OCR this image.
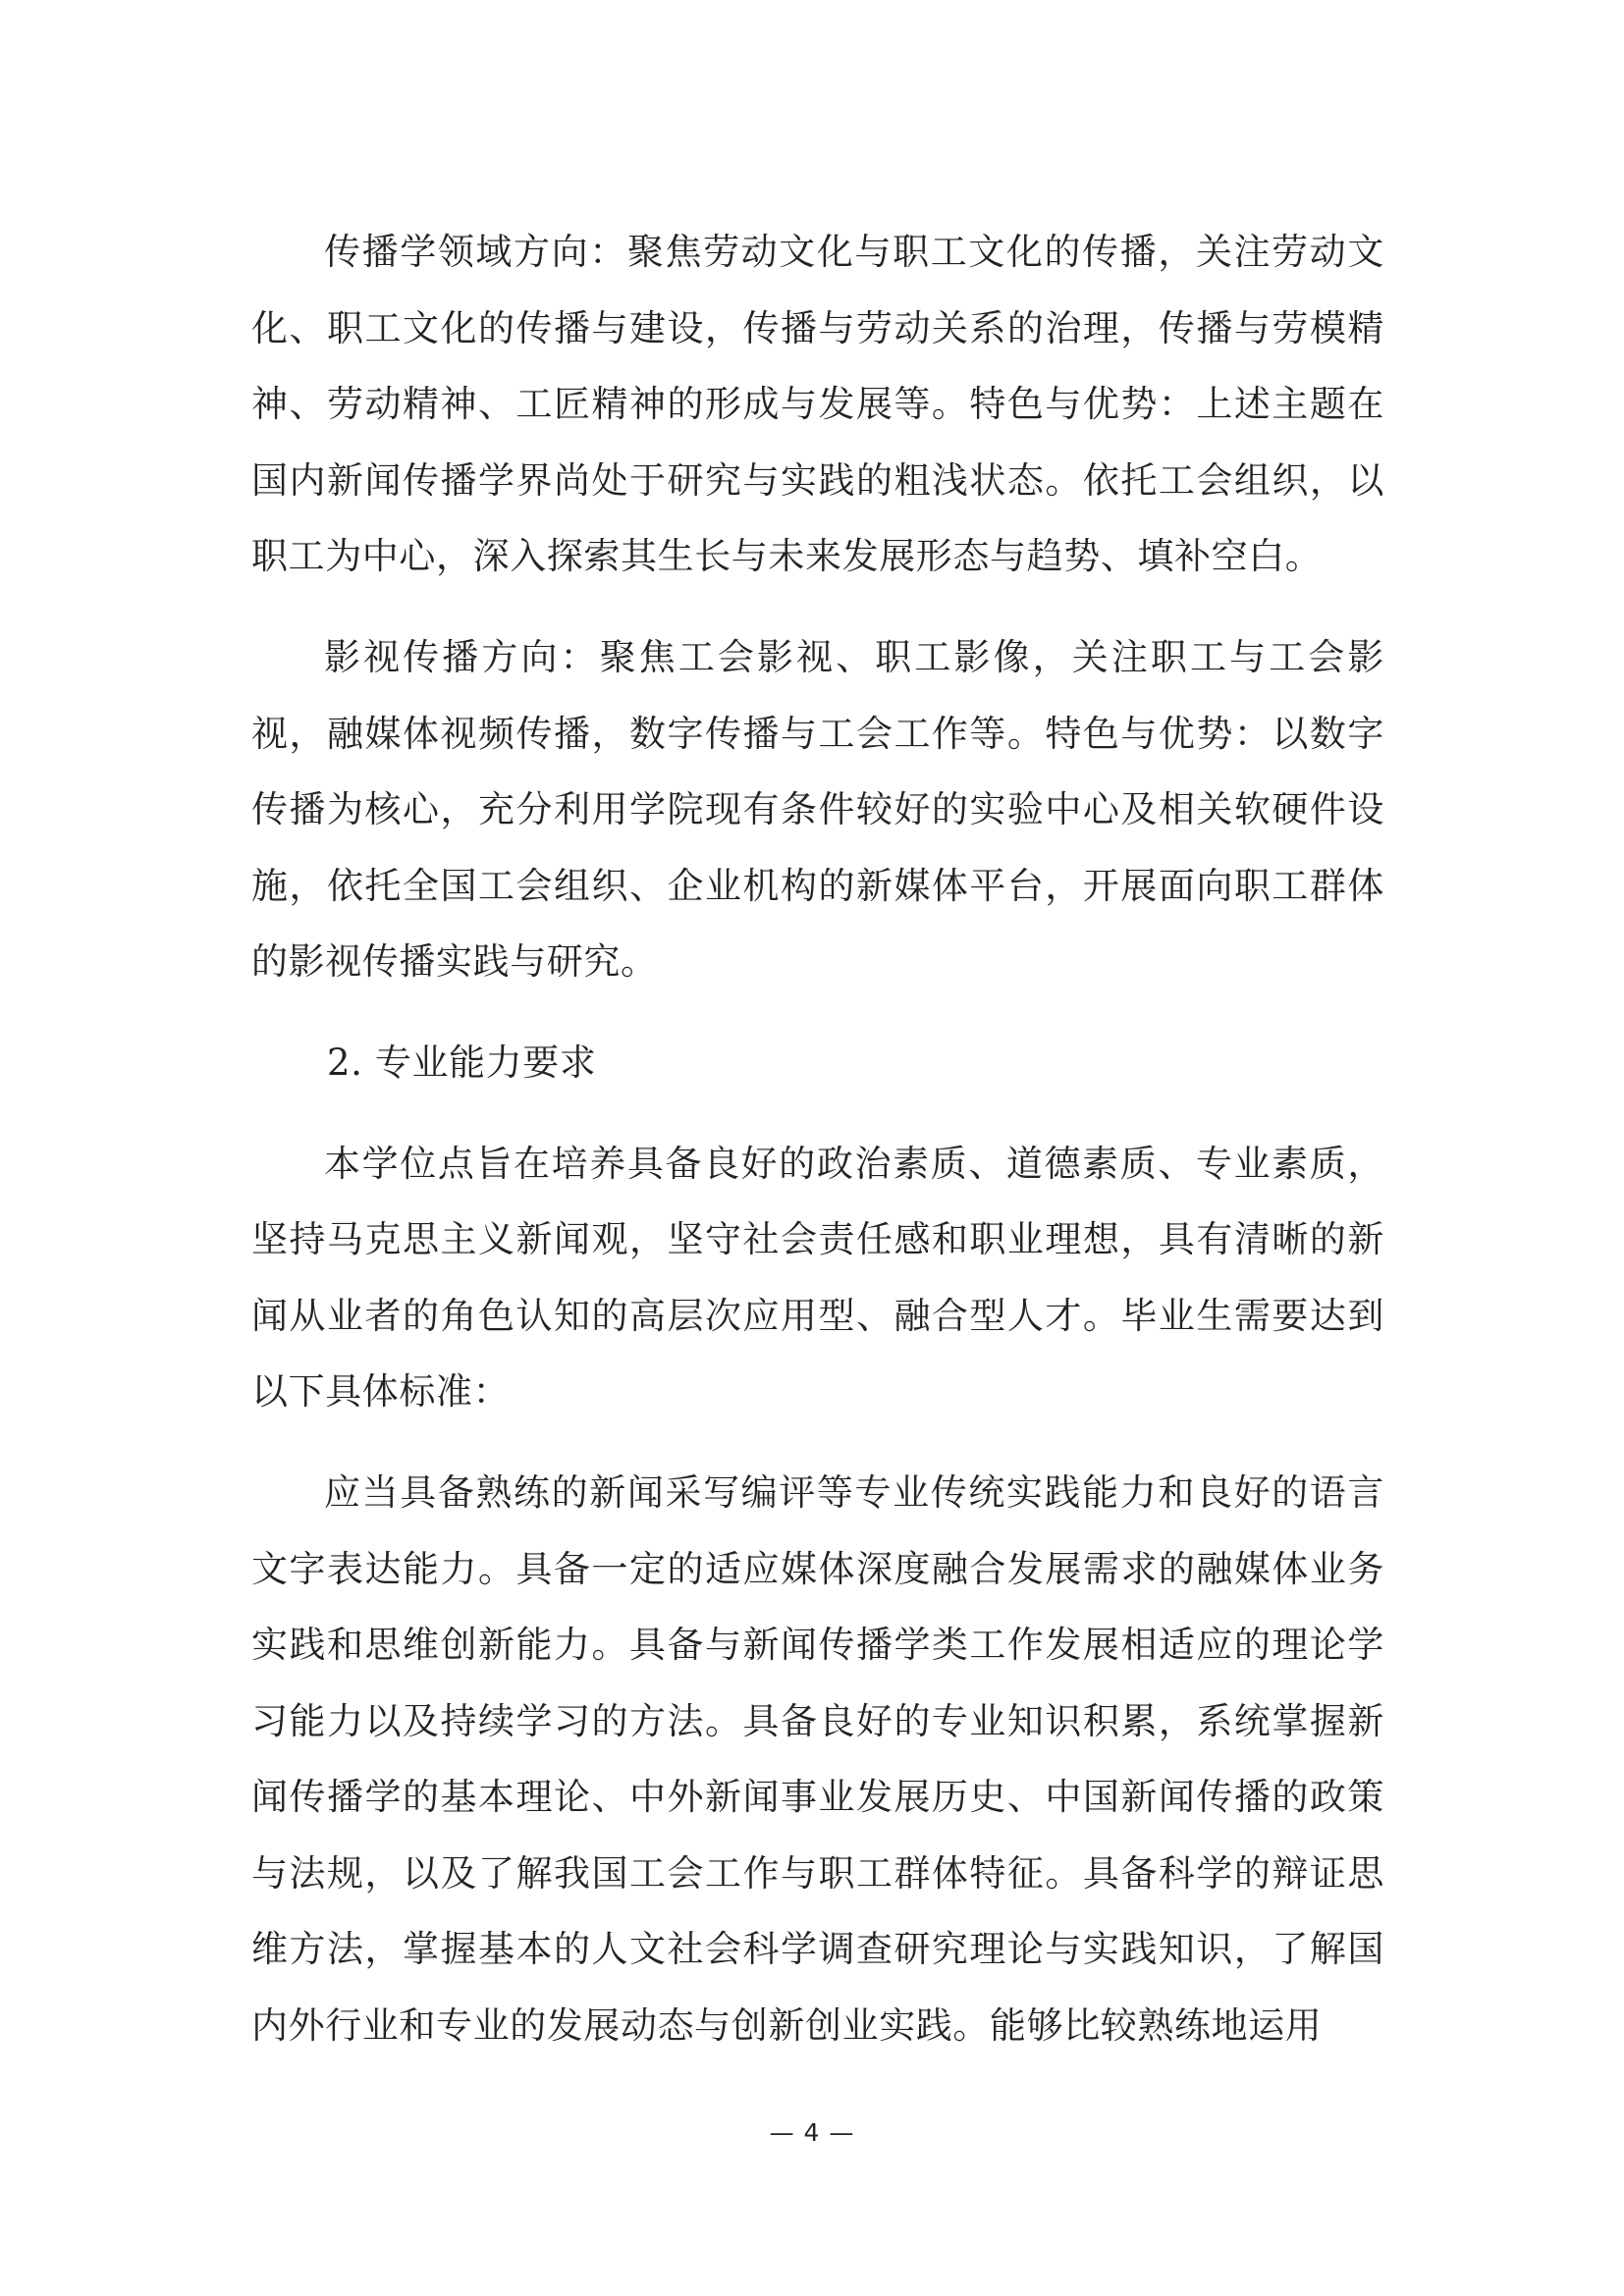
传播学领域方向：聚焦劳动文化与职工文化的传播，关注劳动文化、职工文化的传播与建设，传播与劳动关系的治理，传播与劳模精神、劳动精神、工匠精神的形成与发展等。特色与优势：上述主题在国内新闻传播学界尚处于研究与实践的粗浅状态。依托工会组织，以职工为中心，深入探索其生长与未来发展形态与趋势、填补空白。

影视传播方向：聚焦工会影视、职工影像，关注职工与工会影视，融媒体视频传播，数字传播与工会工作等。特色与优势：以数字传播为核心，充分利用学院现有条件较好的实验中心及相关软硬件设施，依托全国工会组织、企业机构的新媒体平台，开展面向职工群体的影视传播实践与研究。

2. 专业能力要求

本学位点旨在培养具备良好的政治素质、道德素质、专业素质，坚持马克思主义新闻观，坚守社会责任感和职业理想，具有清晰的新闻从业者的角色认知的高层次应用型、融合型人才。毕业生需要达到以下具体标准：

应当具备熟练的新闻采写编评等专业传统实践能力和良好的语言文字表达能力。具备一定的适应媒体深度融合发展需求的融媒体业务实践和思维创新能力。具备与新闻传播学类工作发展相适应的理论学习能力以及持续学习的方法。具备良好的专业知识积累，系统掌握新闻传播学的基本理论、中外新闻事业发展历史、中国新闻传播的政策与法规，以及了解我国工会工作与职工群体特征。具备科学的辩证思维方法，掌握基本的人文社会科学调查研究理论与实践知识，了解国内外行业和专业的发展动态与创新创业实践。能够比较熟练地运用

— 4 —
